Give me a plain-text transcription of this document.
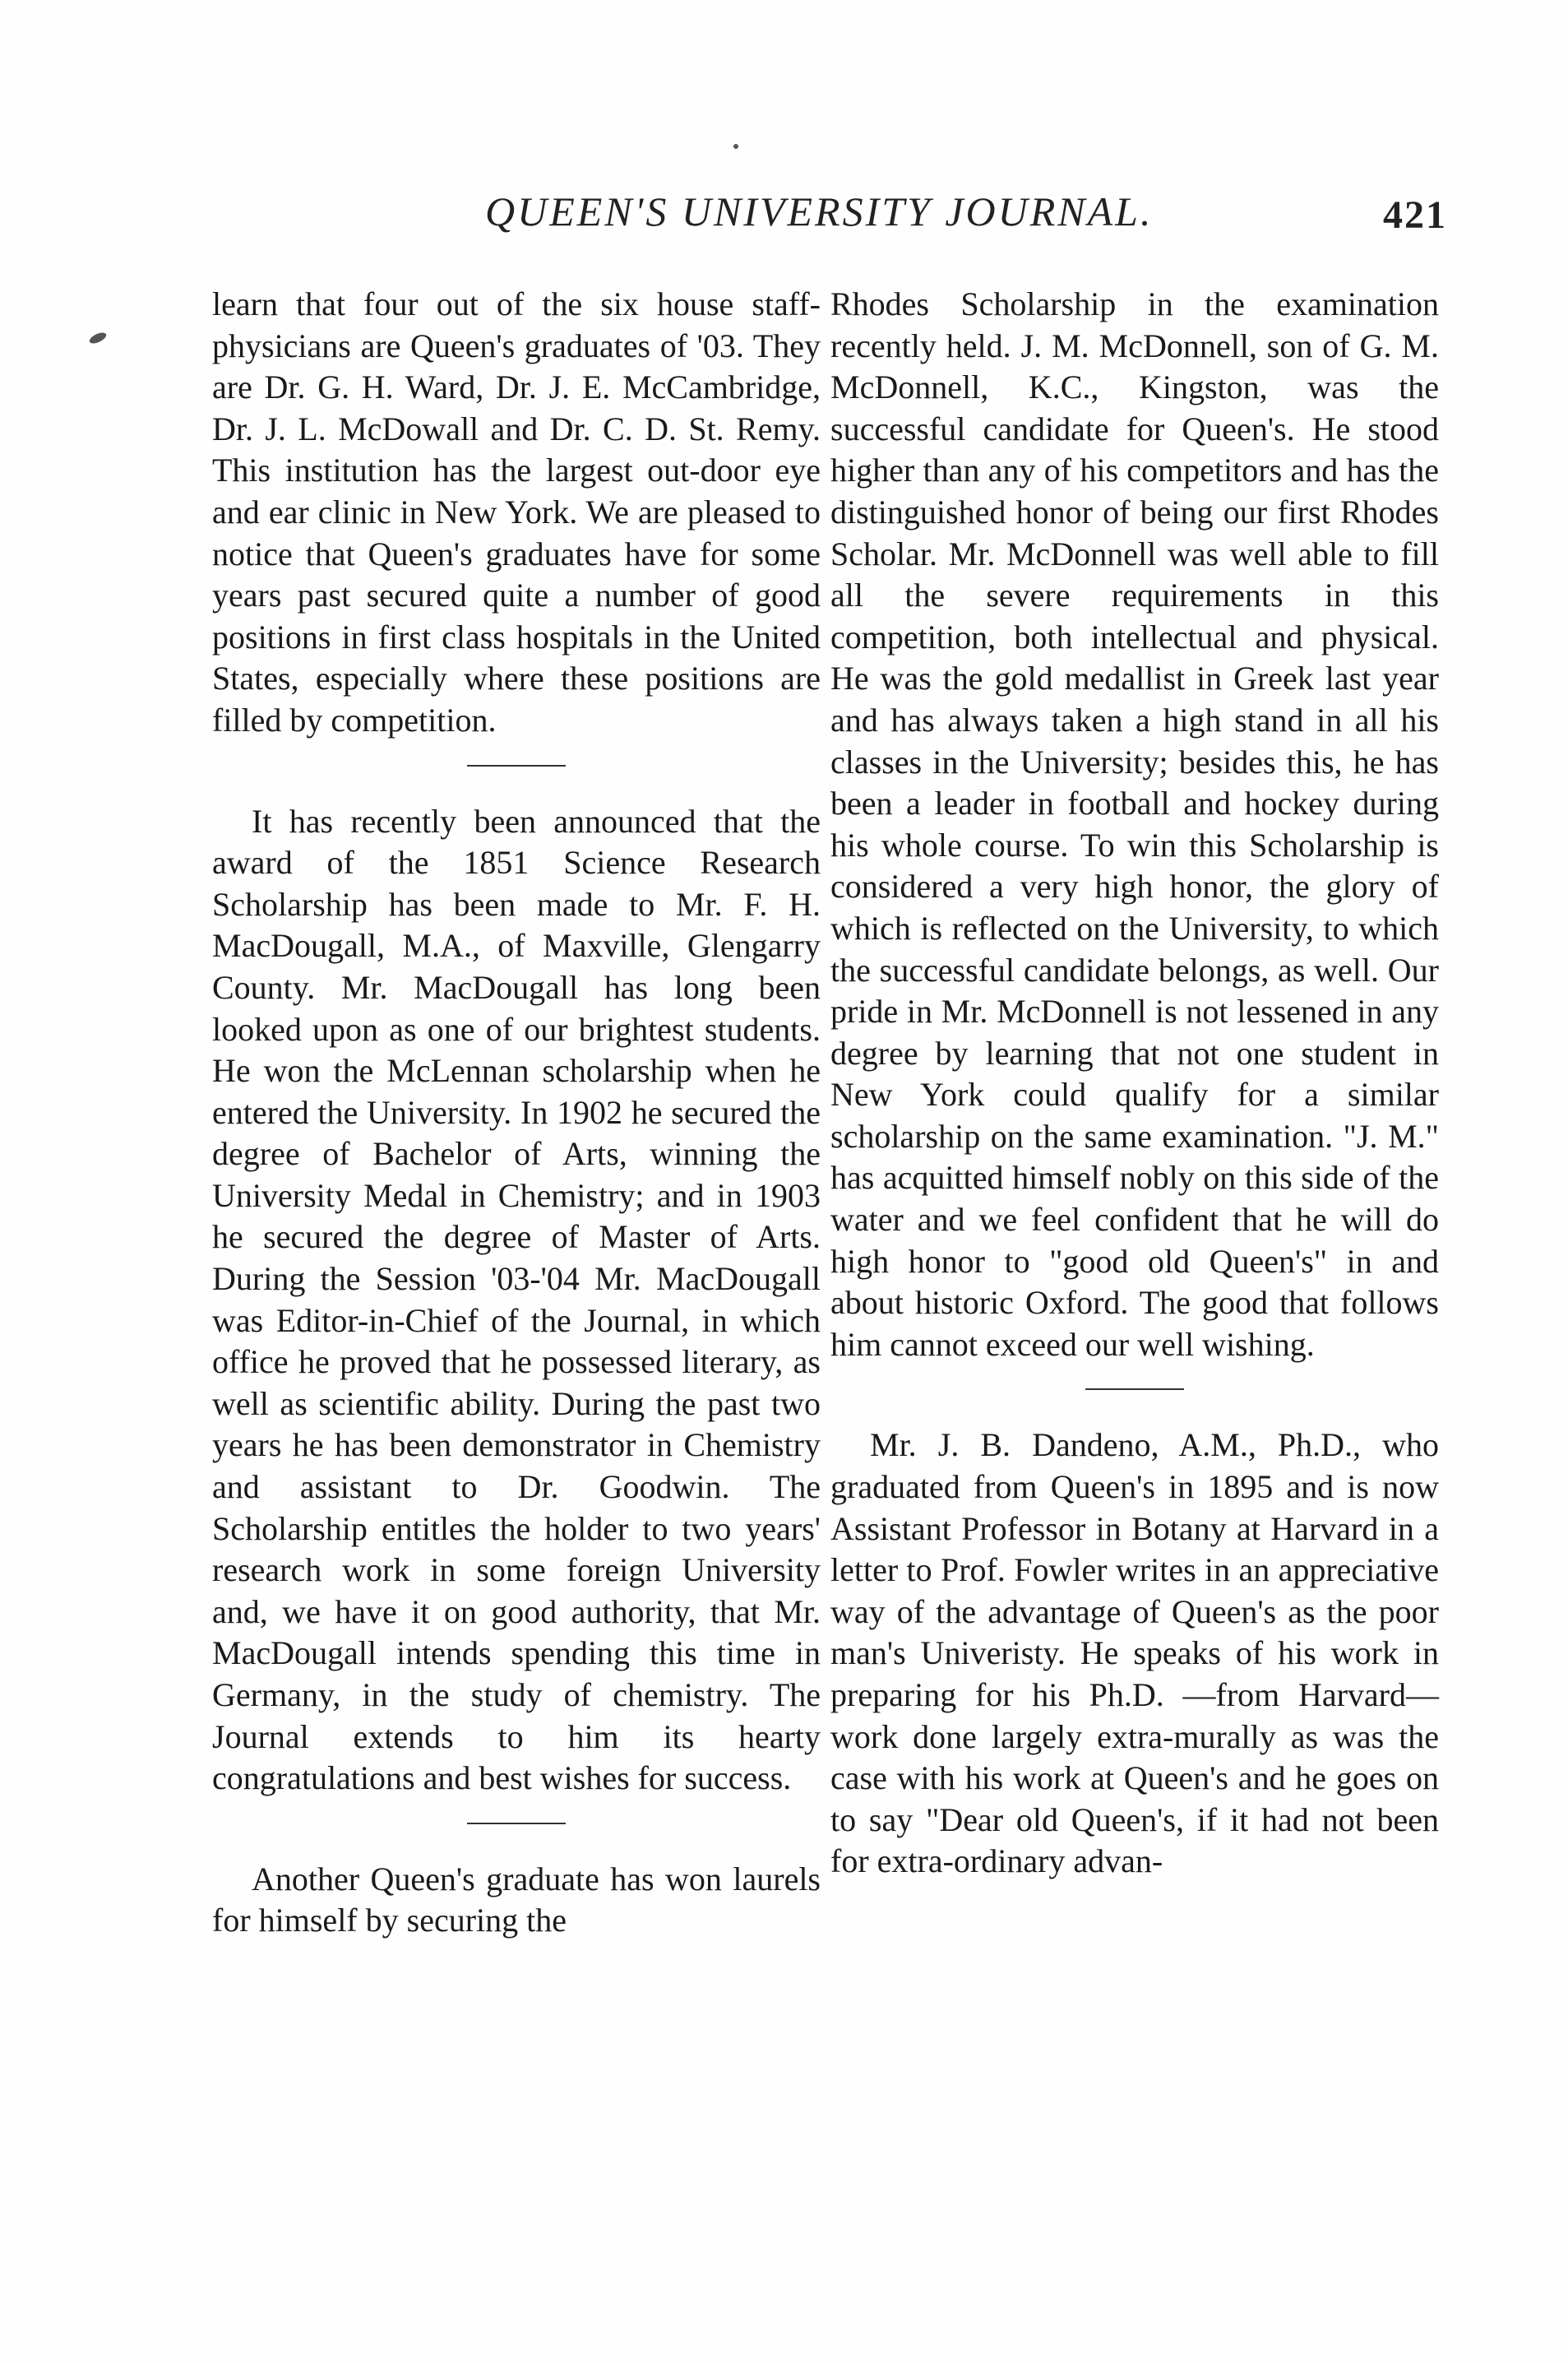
QUEEN'S UNIVERSITY JOURNAL.	421

learn that four out of the six house staff-physicians are Queen's graduates of '03. They are Dr. G. H. Ward, Dr. J. E. McCambridge, Dr. J. L. McDowall and Dr. C. D. St. Remy. This institution has the largest out-door eye and ear clinic in New York. We are pleased to notice that Queen's graduates have for some years past secured quite a number of good positions in first class hospitals in the United States, especially where these positions are filled by competition.

It has recently been announced that the award of the 1851 Science Research Scholarship has been made to Mr. F. H. MacDougall, M.A., of Maxville, Glengarry County. Mr. MacDougall has long been looked upon as one of our brightest students. He won the McLennan scholarship when he entered the University. In 1902 he secured the degree of Bachelor of Arts, winning the University Medal in Chemistry; and in 1903 he secured the degree of Master of Arts. During the Session '03-'04 Mr. MacDougall was Editor-in-Chief of the Journal, in which office he proved that he possessed literary, as well as scientific ability. During the past two years he has been demonstrator in Chemistry and assistant to Dr. Goodwin. The Scholarship entitles the holder to two years' research work in some foreign University and, we have it on good authority, that Mr. MacDougall intends spending this time in Germany, in the study of chemistry. The Journal extends to him its hearty congratulations and best wishes for success.

Another Queen's graduate has won laurels for himself by securing the

Rhodes Scholarship in the examination recently held. J. M. McDonnell, son of G. M. McDonnell, K.C., Kingston, was the successful candidate for Queen's. He stood higher than any of his competitors and has the distinguished honor of being our first Rhodes Scholar. Mr. McDonnell was well able to fill all the severe requirements in this competition, both intellectual and physical. He was the gold medallist in Greek last year and has always taken a high stand in all his classes in the University; besides this, he has been a leader in football and hockey during his whole course. To win this Scholarship is considered a very high honor, the glory of which is reflected on the University, to which the successful candidate belongs, as well. Our pride in Mr. McDonnell is not lessened in any degree by learning that not one student in New York could qualify for a similar scholarship on the same examination. "J. M." has acquitted himself nobly on this side of the water and we feel confident that he will do high honor to "good old Queen's" in and about historic Oxford. The good that follows him cannot exceed our well wishing.

Mr. J. B. Dandeno, A.M., Ph.D., who graduated from Queen's in 1895 and is now Assistant Professor in Botany at Harvard in a letter to Prof. Fowler writes in an appreciative way of the advantage of Queen's as the poor man's Univeristy. He speaks of his work in preparing for his Ph.D. —from Harvard—work done largely extra-murally as was the case with his work at Queen's and he goes on to say "Dear old Queen's, if it had not been for extra-ordinary advan-
